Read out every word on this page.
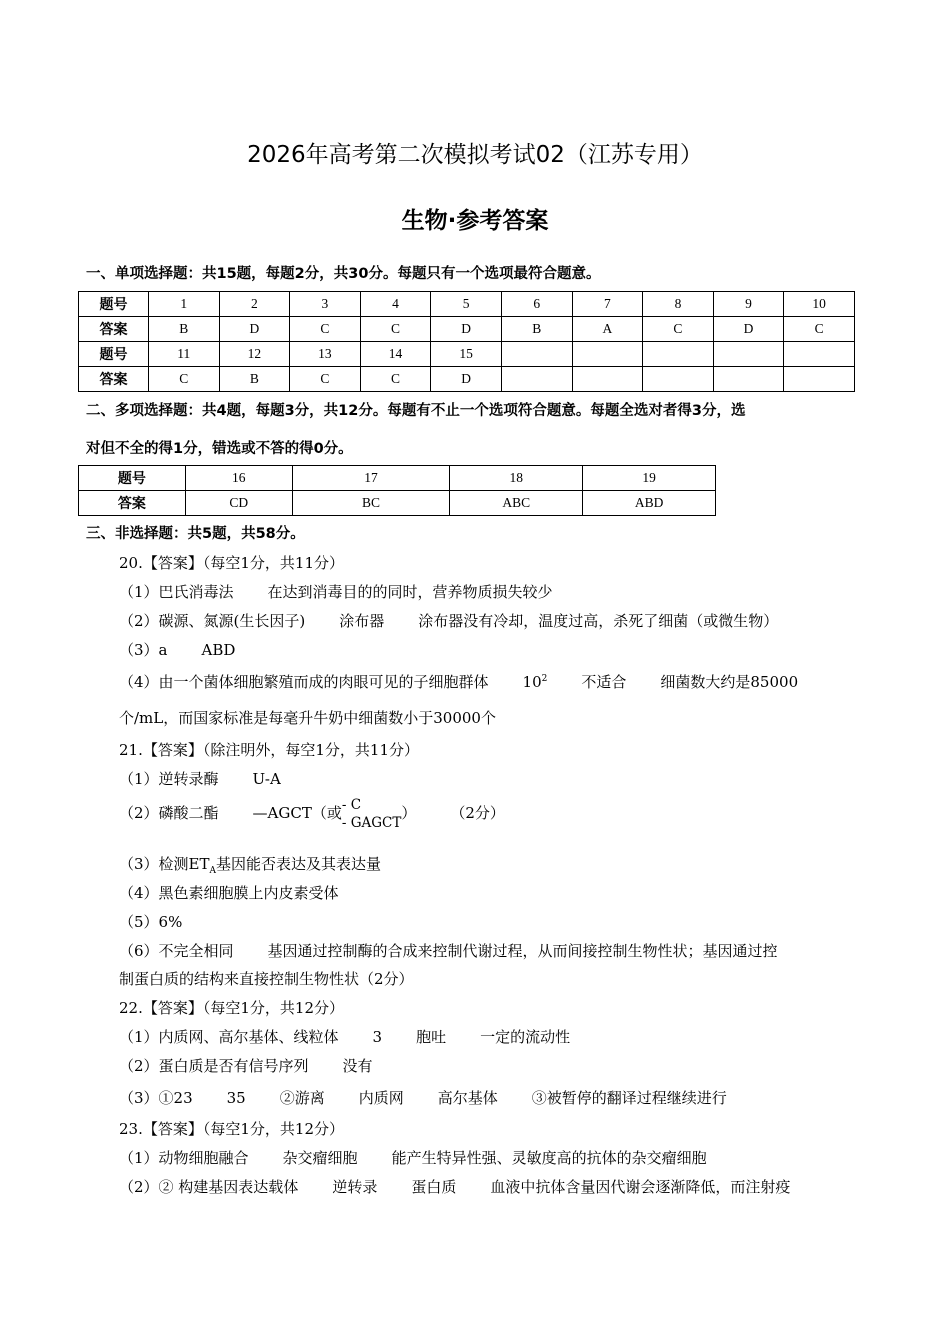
2026年高考第二次模拟考试02（江苏专用）
生物·参考答案
一、单项选择题：共15题，每题2分，共30分。每题只有一个选项最符合题意。
题号	1	2	3	4	5	6	7	8	9	10
答案	B	D	C	C	D	B	A	C	D	C
题号	11	12	13	14	15					
答案	C	B	C	C	D					
二、多项选择题：共4题，每题3分，共12分。每题有不止一个选项符合题意。每题全选对者得3分，选
对但不全的得1分，错选或不答的得0分。
题号	16	17	18	19
答案	CD	BC	ABC	ABD
三、非选择题：共5题，共58分。
20.【答案】（每空1分，共11分）
（1）巴氏消毒法 在达到消毒目的的同时，营养物质损失较少
（2）碳源、氮源(生长因子) 涂布器 涂布器没有冷却，温度过高，杀死了细菌（或微生物）
（3）a ABD
（4）由一个菌体细胞繁殖而成的肉眼可见的子细胞群体 $10^2$ 不适合 细菌数大约是85000
个/mL，而国家标准是每毫升牛奶中细菌数小于30000个
21.【答案】（除注明外，每空1分，共11分）
（1）逆转录酶 U-A
（2）磷酸二酯 —AGCT（或 - C
- GAGCT
） （2分）
（3）检测$ET_A$基因能否表达及其表达量
（4）黑色素细胞膜上内皮素受体
（5）6%
（6）不完全相同 基因通过控制酶的合成来控制代谢过程，从而间接控制生物性状；基因通过控
制蛋白质的结构来直接控制生物性状（2分）
22.【答案】（每空1分，共12分）
（1）内质网、高尔基体、线粒体 3 胞吐 一定的流动性
（2）蛋白质是否有信号序列 没有
（3）①23 35 ②游离 内质网 高尔基体 ③被暂停的翻译过程继续进行
23.【答案】（每空1分，共12分）
（1）动物细胞融合 杂交瘤细胞 能产生特异性强、灵敏度高的抗体的杂交瘤细胞
（2）② 构建基因表达载体 逆转录 蛋白质 血液中抗体含量因代谢会逐渐降低，而注射疫
